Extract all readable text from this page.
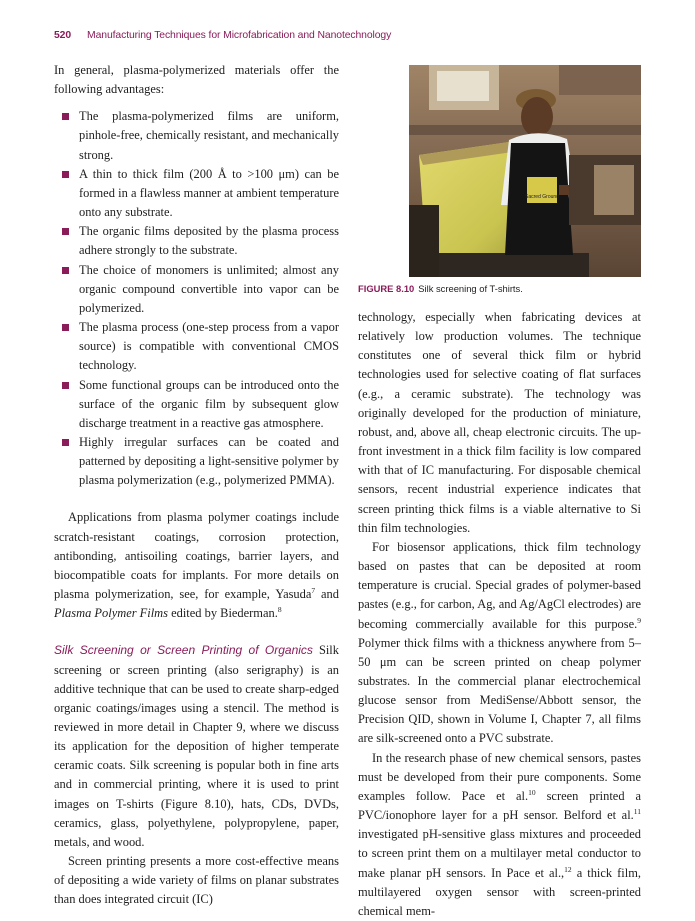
520 Manufacturing Techniques for Microfabrication and Nanotechnology

In general, plasma-polymerized materials offer the following advantages:

The plasma-polymerized films are uniform, pinhole-free, chemically resistant, and mechanically strong.
A thin to thick film (200 Å to >100 μm) can be formed in a flawless manner at ambient temperature onto any substrate.
The organic films deposited by the plasma process adhere strongly to the substrate.
The choice of monomers is unlimited; almost any organic compound convertible into vapor can be polymerized.
The plasma process (one-step process from a vapor source) is compatible with conventional CMOS technology.
Some functional groups can be introduced onto the surface of the organic film by subsequent glow discharge treatment in a reactive gas atmosphere.
Highly irregular surfaces can be coated and patterned by depositing a light-sensitive polymer by plasma polymerization (e.g., polymerized PMMA).

Applications from plasma polymer coatings include scratch-resistant coatings, corrosion protection, antibonding, antisoiling coatings, barrier layers, and biocompatible coats for implants. For more details on plasma polymerization, see, for example, Yasuda$^7$ and Plasma Polymer Films edited by Biederman.$^8$

Silk Screening or Screen Printing of Organics Silk screening or screen printing (also serigraphy) is an additive technique that can be used to create sharp-edged organic coatings/images using a stencil. The method is reviewed in more detail in Chapter 9, where we discuss its application for the deposition of higher temperate ceramic coats. Silk screening is popular both in fine arts and in commercial printing, where it is used to print images on T-shirts (Figure 8.10), hats, CDs, DVDs, ceramics, glass, polyethylene, polypropylene, paper, metals, and wood.

Screen printing presents a more cost-effective means of depositing a wide variety of films on planar substrates than does integrated circuit (IC)

Sacred Ground
FIGURE 8.10 Silk screening of T-shirts.

technology, especially when fabricating devices at relatively low production volumes. The technique constitutes one of several thick film or hybrid technologies used for selective coating of flat surfaces (e.g., a ceramic substrate). The technology was originally developed for the production of miniature, robust, and, above all, cheap electronic circuits. The up-front investment in a thick film facility is low compared with that of IC manufacturing. For disposable chemical sensors, recent industrial experience indicates that screen printing thick films is a viable alternative to Si thin film technologies.

For biosensor applications, thick film technology based on pastes that can be deposited at room temperature is crucial. Special grades of polymer-based pastes (e.g., for carbon, Ag, and Ag/AgCl electrodes) are becoming commercially available for this purpose.$^9$ Polymer thick films with a thickness anywhere from 5–50 μm can be screen printed on cheap polymer substrates. In the commercial planar electrochemical glucose sensor from MediSense/Abbott sensor, the Precision QID, shown in Volume I, Chapter 7, all films are silk-screened onto a PVC substrate.

In the research phase of new chemical sensors, pastes must be developed from their pure components. Some examples follow. Pace et al.$^{10}$ screen printed a PVC/ionophore layer for a pH sensor. Belford et al.$^{11}$ investigated pH-sensitive glass mixtures and proceeded to screen print them on a multilayer metal conductor to make planar pH sensors. In Pace et al.,$^{12}$ a thick film, multilayered oxygen sensor with screen-printed chemical mem-
